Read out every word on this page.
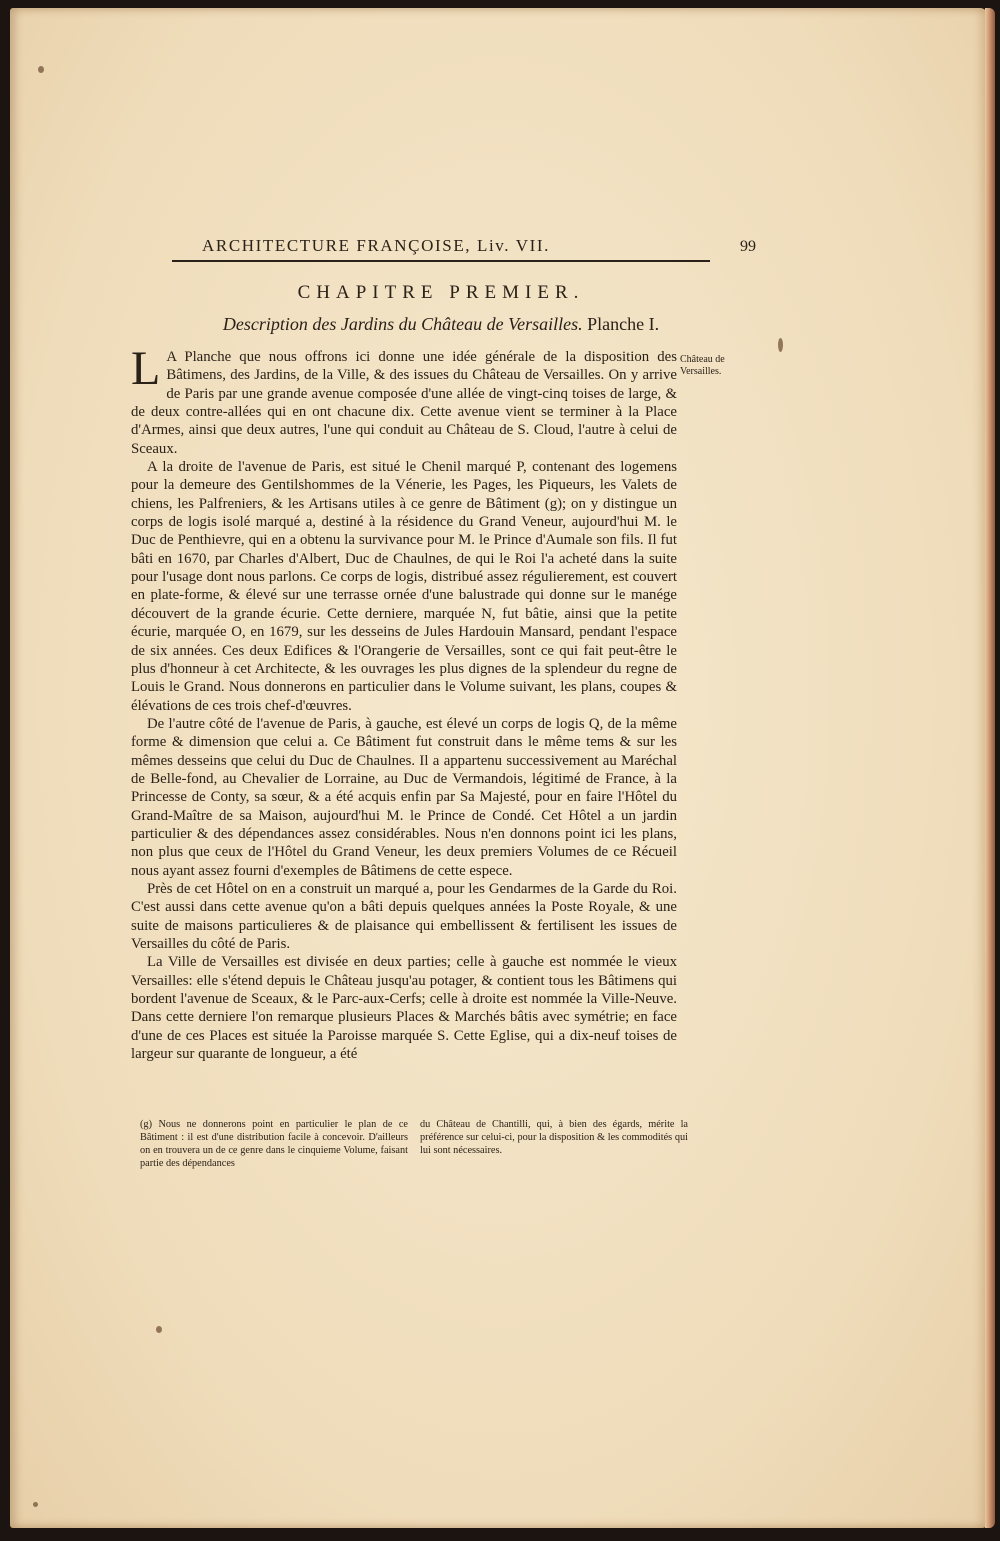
ARCHITECTURE FRANÇOISE, Liv. VII.	99
CHAPITRE PREMIER.
Description des Jardins du Château de Versailles. Planche I.
Château de Versailles.

L A Planche que nous offrons ici donne une idée générale de la disposition des Bâtimens, des Jardins, de la Ville, & des issues du Château de Versailles. On y arrive de Paris par une grande avenue composée d'une allée de vingt-cinq toises de large, & de deux contre-allées qui en ont chacune dix. Cette avenue vient se terminer à la Place d'Armes, ainsi que deux autres, l'une qui conduit au Château de S. Cloud, l'autre à celui de Sceaux.

A la droite de l'avenue de Paris, est situé le Chenil marqué P, contenant des logemens pour la demeure des Gentilshommes de la Vénerie, les Pages, les Piqueurs, les Valets de chiens, les Palfreniers, & les Artisans utiles à ce genre de Bâtiment (g); on y distingue un corps de logis isolé marqué a, destiné à la résidence du Grand Veneur, aujourd'hui M. le Duc de Penthievre, qui en a obtenu la survivance pour M. le Prince d'Aumale son fils. Il fut bâti en 1670, par Charles d'Albert, Duc de Chaulnes, de qui le Roi l'a acheté dans la suite pour l'usage dont nous parlons. Ce corps de logis, distribué assez régulierement, est couvert en plate-forme, & élevé sur une terrasse ornée d'une balustrade qui donne sur le manége découvert de la grande écurie. Cette derniere, marquée N, fut bâtie, ainsi que la petite écurie, marquée O, en 1679, sur les desseins de Jules Hardouin Mansard, pendant l'espace de six années. Ces deux Edifices & l'Orangerie de Versailles, sont ce qui fait peut-être le plus d'honneur à cet Architecte, & les ouvrages les plus dignes de la splendeur du regne de Louis le Grand. Nous donnerons en particulier dans le Volume suivant, les plans, coupes & élévations de ces trois chef-d'œuvres.

De l'autre côté de l'avenue de Paris, à gauche, est élevé un corps de logis Q, de la même forme & dimension que celui a. Ce Bâtiment fut construit dans le même tems & sur les mêmes desseins que celui du Duc de Chaulnes. Il a appartenu successivement au Maréchal de Belle-fond, au Chevalier de Lorraine, au Duc de Vermandois, légitimé de France, à la Princesse de Conty, sa sœur, & a été acquis enfin par Sa Majesté, pour en faire l'Hôtel du Grand-Maître de sa Maison, aujourd'hui M. le Prince de Condé. Cet Hôtel a un jardin particulier & des dépendances assez considérables. Nous n'en donnons point ici les plans, non plus que ceux de l'Hôtel du Grand Veneur, les deux premiers Volumes de ce Récueil nous ayant assez fourni d'exemples de Bâtimens de cette espece.

Près de cet Hôtel on en a construit un marqué a, pour les Gendarmes de la Garde du Roi. C'est aussi dans cette avenue qu'on a bâti depuis quelques années la Poste Royale, & une suite de maisons particulieres & de plaisance qui embellissent & fertilisent les issues de Versailles du côté de Paris.

La Ville de Versailles est divisée en deux parties; celle à gauche est nommée le vieux Versailles: elle s'étend depuis le Château jusqu'au potager, & contient tous les Bâtimens qui bordent l'avenue de Sceaux, & le Parc-aux-Cerfs; celle à droite est nommée la Ville-Neuve. Dans cette derniere l'on remarque plusieurs Places & Marchés bâtis avec symétrie; en face d'une de ces Places est située la Paroisse marquée S. Cette Eglise, qui a dix-neuf toises de largeur sur quarante de longueur, a été

(g) Nous ne donnerons point en particulier le plan de ce Bâtiment : il est d'une distribution facile à concevoir. D'ailleurs on en trouvera un de ce genre dans le cinquieme Volume, faisant partie des dépendances
du Château de Chantilli, qui, à bien des égards, mérite la préférence sur celui-ci, pour la disposition & les commodités qui lui sont nécessaires.
